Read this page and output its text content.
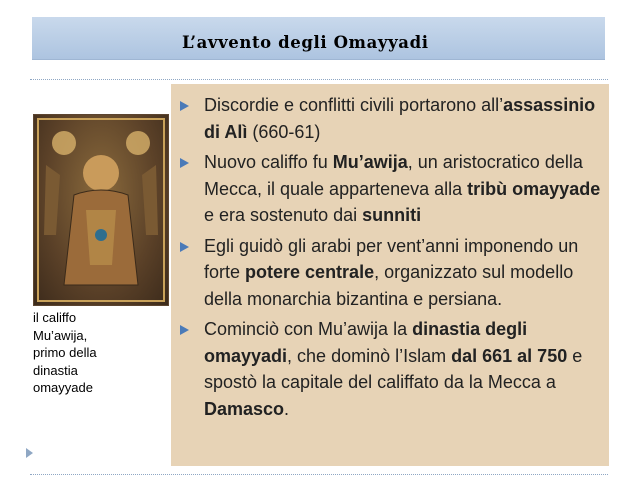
L’avvento degli Omayyadi
il califfo
Mu’awija,
primo della
dinastia
omayyade
Discordie e conflitti civili portarono all’assassinio di Alì (660-61)
Nuovo califfo fu Mu’awija, un aristocratico della Mecca, il quale apparteneva alla tribù omayyade e era sostenuto dai sunniti
Egli guidò gli arabi per vent’anni imponendo un forte potere centrale, organizzato sul modello della monarchia bizantina e persiana.
Cominciò con Mu’awija la dinastia degli omayyadi, che dominò l’Islam dal 661 al 750 e spostò la capitale del califfato da la Mecca a Damasco.
